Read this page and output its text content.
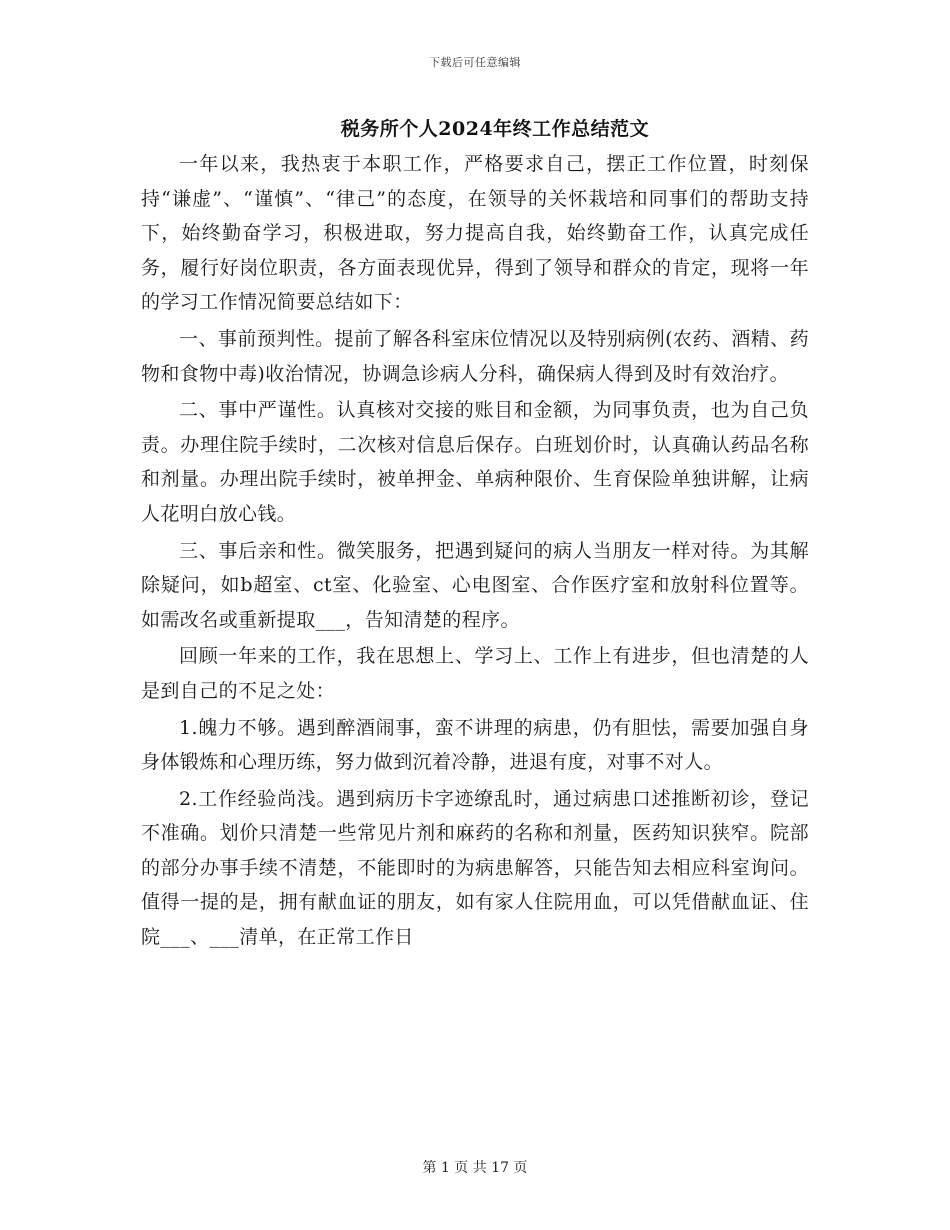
下载后可任意编辑
税务所个人2024年终工作总结范文

一年以来，我热衷于本职工作，严格要求自己，摆正工作位置，时刻保持“谦虚”、“谨慎”、“律己”的态度，在领导的关怀栽培和同事们的帮助支持下，始终勤奋学习，积极进取，努力提高自我，始终勤奋工作，认真完成任务，履行好岗位职责，各方面表现优异，得到了领导和群众的肯定，现将一年的学习工作情况简要总结如下：

一、事前预判性。提前了解各科室床位情况以及特别病例(农药、酒精、药物和食物中毒)收治情况，协调急诊病人分科，确保病人得到及时有效治疗。

二、事中严谨性。认真核对交接的账目和金额，为同事负责，也为自己负责。办理住院手续时，二次核对信息后保存。白班划价时，认真确认药品名称和剂量。办理出院手续时，被单押金、单病种限价、生育保险单独讲解，让病人花明白放心钱。

三、事后亲和性。微笑服务，把遇到疑问的病人当朋友一样对待。为其解除疑问，如b超室、ct室、化验室、心电图室、合作医疗室和放射科位置等。如需改名或重新提取___，告知清楚的程序。

回顾一年来的工作，我在思想上、学习上、工作上有进步，但也清楚的人是到自己的不足之处：

1.魄力不够。遇到醉酒闹事，蛮不讲理的病患，仍有胆怯，需要加强自身身体锻炼和心理历练，努力做到沉着冷静，进退有度，对事不对人。

2.工作经验尚浅。遇到病历卡字迹缭乱时，通过病患口述推断初诊，登记不准确。划价只清楚一些常见片剂和麻药的名称和剂量，医药知识狭窄。院部的部分办事手续不清楚，不能即时的为病患解答，只能告知去相应科室询问。值得一提的是，拥有献血证的朋友，如有家人住院用血，可以凭借献血证、住院___、___清单，在正常工作日

第 1 页 共 17 页
